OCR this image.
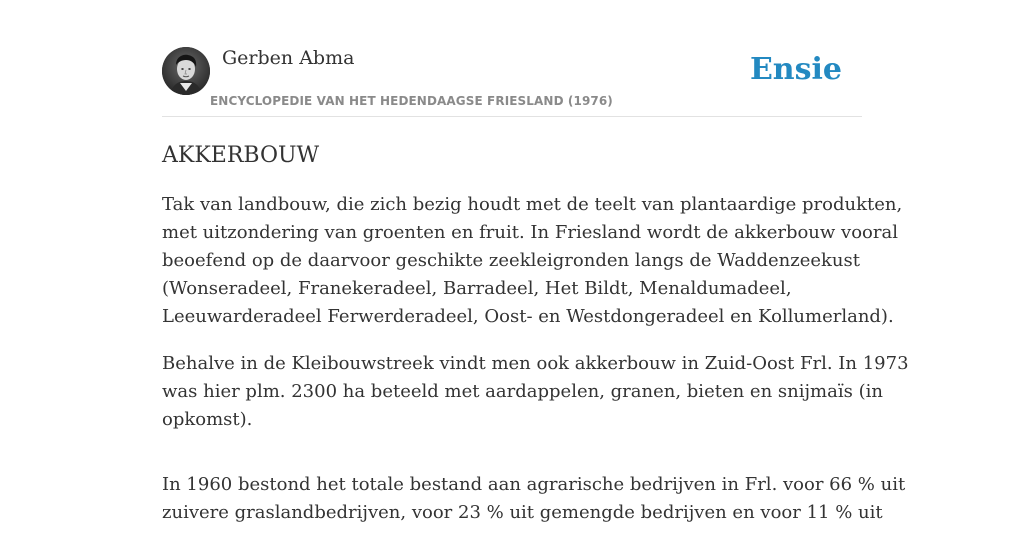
Gerben Abma
ENCYCLOPEDIE VAN HET HEDENDAAGSE FRIESLAND (1976)
Ensie
AKKERBOUW

Tak van landbouw, die zich bezig houdt met de teelt van plantaardige produkten,
met uitzondering van groenten en fruit. In Friesland wordt de akkerbouw vooral
beoefend op de daarvoor geschikte zeekleigronden langs de Waddenzeekust
(Wonseradeel, Franekeradeel, Barradeel, Het Bildt, Menaldumadeel,
Leeuwarderadeel Ferwerderadeel, Oost- en Westdongeradeel en Kollumerland).

Behalve in de Kleibouwstreek vindt men ook akkerbouw in Zuid-Oost Frl. In 1973
was hier plm. 2300 ha beteeld met aardappelen, granen, bieten en snijmaïs (in
opkomst).

In 1960 bestond het totale bestand aan agrarische bedrijven in Frl. voor 66 % uit
zuivere graslandbedrijven, voor 23 % uit gemengde bedrijven en voor 11 % uit
